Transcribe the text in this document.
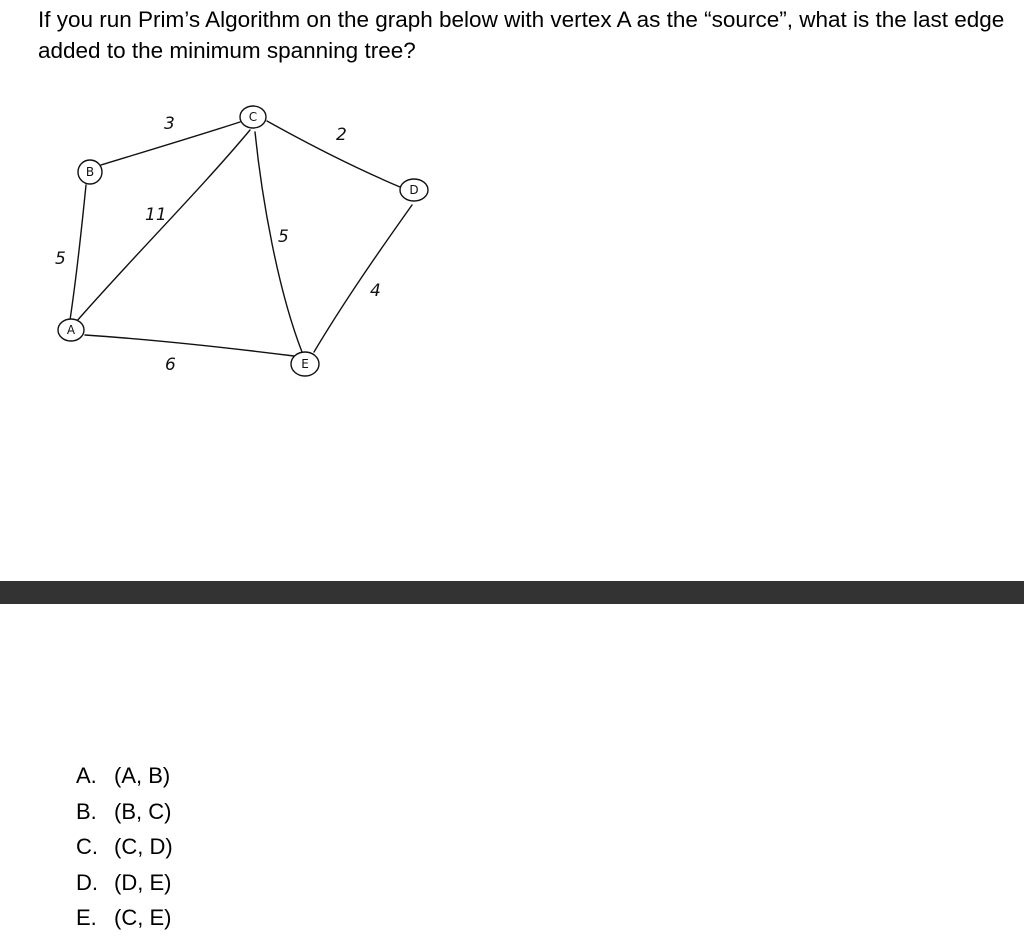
If you run Prim’s Algorithm on the graph below with vertex A as the “source”, what is the last edge added to the minimum spanning tree?
5
3
11
2
5
4
6
A
B
C
D
E
A. (A, B)
B. (B, C)
C. (C, D)
D. (D, E)
E. (C, E)
